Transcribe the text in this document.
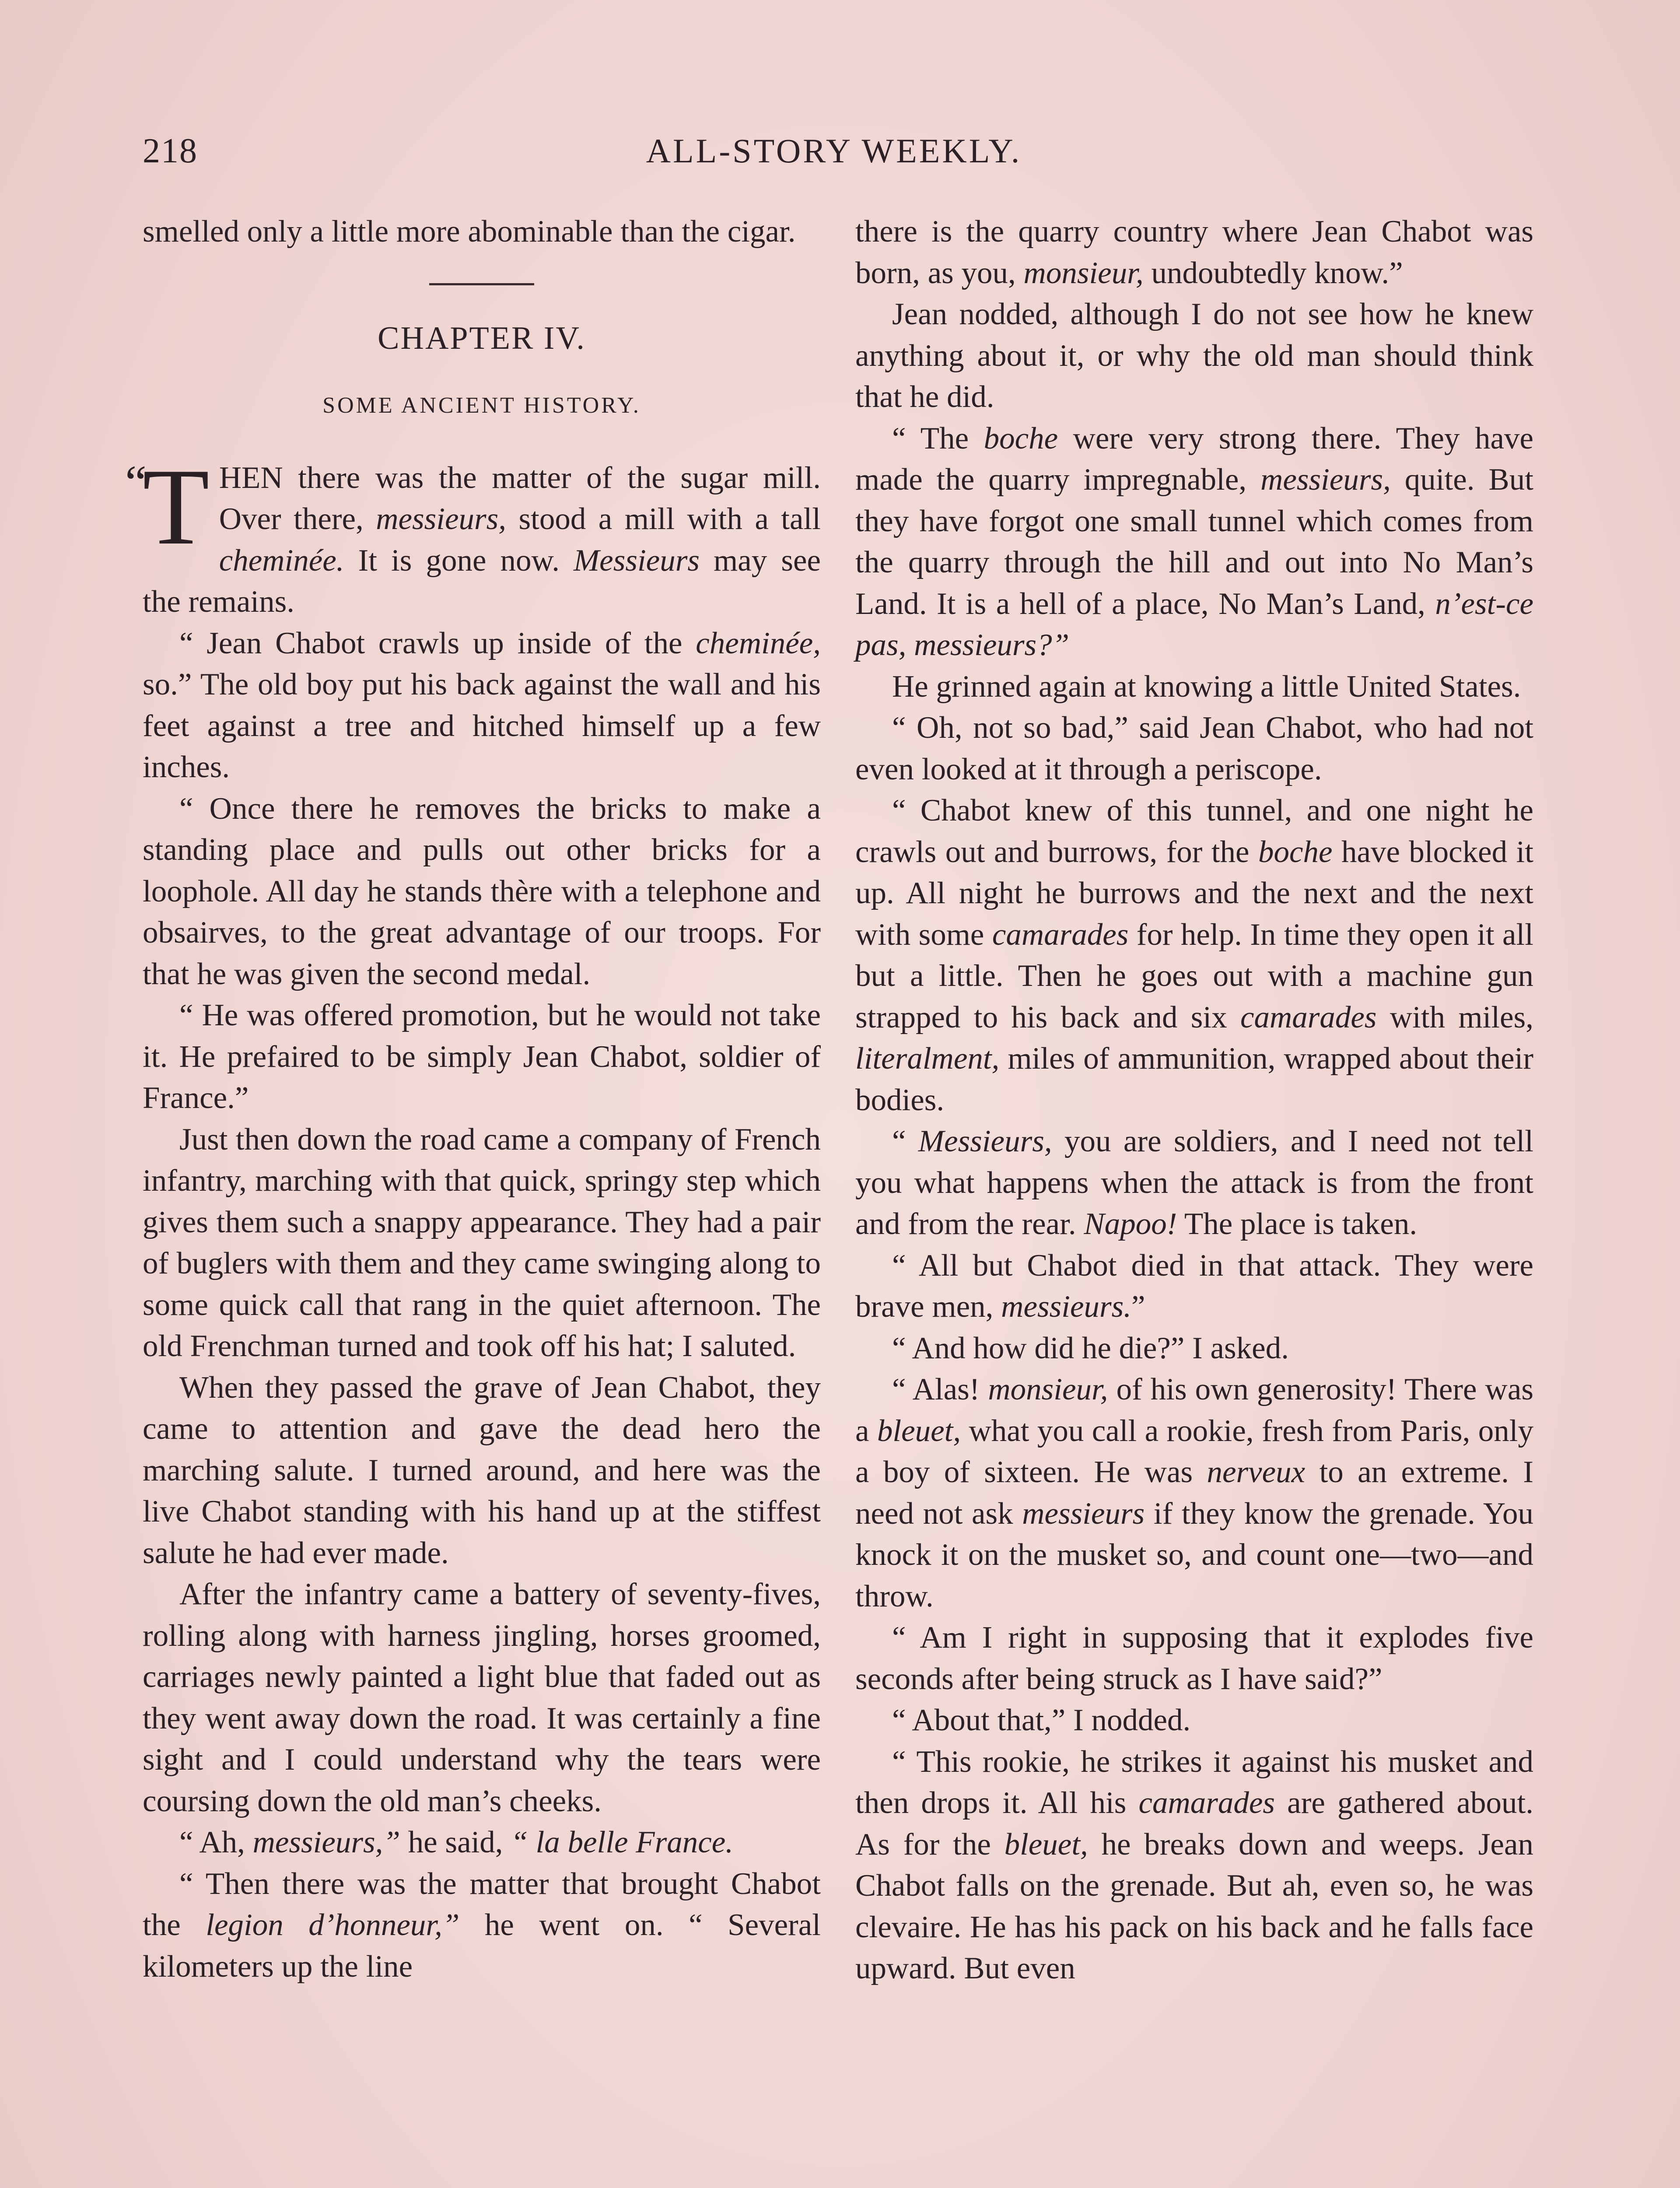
218	ALL-STORY WEEKLY.

smelled only a little more abominable than the cigar.

CHAPTER IV.
SOME ANCIENT HISTORY.

“
T HEN there was the matter of the sugar mill. Over there, messieurs, stood a mill with a tall cheminée. It is gone now. Messieurs may see the remains.

“ Jean Chabot crawls up inside of the cheminée, so.” The old boy put his back against the wall and his feet against a tree and hitched himself up a few inches.

“ Once there he removes the bricks to make a standing place and pulls out other bricks for a loophole. All day he stands thère with a telephone and obsairves, to the great advantage of our troops. For that he was given the second medal.

“ He was offered promotion, but he would not take it. He prefaired to be simply Jean Chabot, soldier of France.”

Just then down the road came a company of French infantry, marching with that quick, springy step which gives them such a snappy appearance. They had a pair of buglers with them and they came swinging along to some quick call that rang in the quiet afternoon. The old Frenchman turned and took off his hat; I saluted.

When they passed the grave of Jean Chabot, they came to attention and gave the dead hero the marching salute. I turned around, and here was the live Chabot standing with his hand up at the stiffest salute he had ever made.

After the infantry came a battery of seventy-fives, rolling along with harness jingling, horses groomed, carriages newly painted a light blue that faded out as they went away down the road. It was certainly a fine sight and I could understand why the tears were coursing down the old man’s cheeks.

“ Ah, messieurs,” he said, “ la belle France.

“ Then there was the matter that brought Chabot the legion d’honneur,” he went on. “ Several kilometers up the line

there is the quarry country where Jean Chabot was born, as you, monsieur, undoubtedly know.”

Jean nodded, although I do not see how he knew anything about it, or why the old man should think that he did.

“ The boche were very strong there. They have made the quarry impregnable, messieurs, quite. But they have forgot one small tunnel which comes from the quarry through the hill and out into No Man’s Land. It is a hell of a place, No Man’s Land, n’est-ce pas, messieurs?”

He grinned again at knowing a little United States.

“ Oh, not so bad,” said Jean Chabot, who had not even looked at it through a periscope.

“ Chabot knew of this tunnel, and one night he crawls out and burrows, for the boche have blocked it up. All night he burrows and the next and the next with some camarades for help. In time they open it all but a little. Then he goes out with a machine gun strapped to his back and six camarades with miles, literalment, miles of ammunition, wrapped about their bodies.

“ Messieurs, you are soldiers, and I need not tell you what happens when the attack is from the front and from the rear. Napoo! The place is taken.

“ All but Chabot died in that attack. They were brave men, messieurs.”

“ And how did he die?” I asked.

“ Alas! monsieur, of his own generosity! There was a bleuet, what you call a rookie, fresh from Paris, only a boy of sixteen. He was nerveux to an extreme. I need not ask messieurs if they know the grenade. You knock it on the musket so, and count one—two—and throw.

“ Am I right in supposing that it explodes five seconds after being struck as I have said?”

“ About that,” I nodded.

“ This rookie, he strikes it against his musket and then drops it. All his camarades are gathered about. As for the bleuet, he breaks down and weeps. Jean Chabot falls on the grenade. But ah, even so, he was clevaire. He has his pack on his back and he falls face upward. But even
